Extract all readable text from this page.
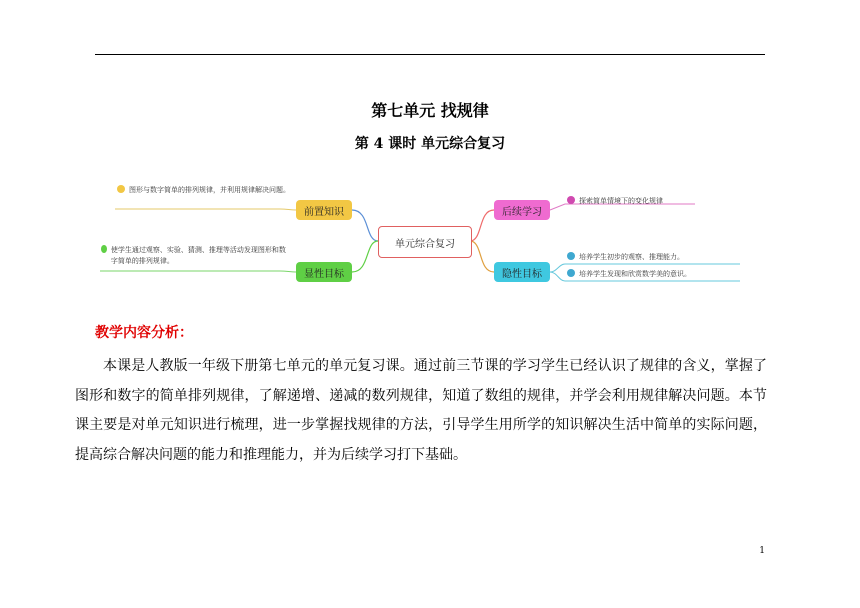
第七单元 找规律
第 4 课时 单元综合复习
单元综合复习
前置知识
显性目标
后续学习
隐性目标
图形与数字简单的排列规律，并利用规律解决问题。
使学生通过观察、实验、猜测、推理等活动发现图形和数字简单的排列规律。
探索简单情境下的变化规律
培养学生初步的观察、推理能力。
培养学生发现和欣赏数学美的意识。
教学内容分析：
本课是人教版一年级下册第七单元的单元复习课。通过前三节课的学习学生已经认识了规律的含义，掌握了图形和数字的简单排列规律，了解递增、递减的数列规律，知道了数组的规律，并学会利用规律解决问题。本节课主要是对单元知识进行梳理，进一步掌握找规律的方法，引导学生用所学的知识解决生活中简单的实际问题，提高综合解决问题的能力和推理能力，并为后续学习打下基础。
1
